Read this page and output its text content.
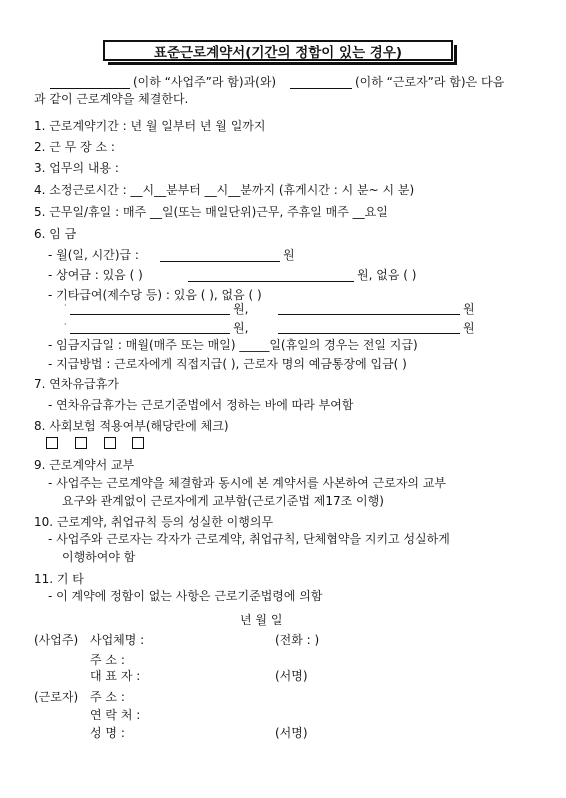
표준근로계약서(기간의 정함이 있는 경우)
(이하 “사업주”라 함)과(와)	(이하 “근로자”라 함)은 다음
과 같이 근로계약을 체결한다.
1. 근로계약기간 : 년 월 일부터 년 월 일까지
2. 근 무 장 소 :
3. 업무의 내용 :
4. 소정근로시간 : __시__분부터 __시__분까지 (휴게시간 : 시 분~ 시 분)
5. 근무일/휴일 : 매주 __일(또는 매일단위)근무, 주휴일 매주 __요일
6. 임 금
- 월(일, 시간)급 :	원
- 상여금 : 있음 ( )	원, 없음 ( )
- 기타급여(제수당 등) : 있음 ( ), 없음 ( )
·	원,	원
·	원,	원
- 임금지급일 : 매월(매주 또는 매일) _____일(휴일의 경우는 전일 지급)
- 지급방법 : 근로자에게 직접지급( ), 근로자 명의 예금통장에 입금( )
7. 연차유급휴가
- 연차유급휴가는 근로기준법에서 정하는 바에 따라 부여함
8. 사회보험 적용여부(해당란에 체크)

9. 근로계약서 교부
- 사업주는 근로계약을 체결함과 동시에 본 계약서를 사본하여 근로자의 교부
요구와 관계없이 근로자에게 교부함(근로기준법 제17조 이행)
10. 근로계약, 취업규칙 등의 성실한 이행의무
- 사업주와 근로자는 각자가 근로계약, 취업규칙, 단체협약을 지키고 성실하게
이행하여야 함
11. 기 타
- 이 계약에 정함이 없는 사항은 근로기준법령에 의함
년 월 일
(사업주) 사업체명 :	(전화 : )
주 소 :
대 표 자 :	(서명)
(근로자) 주 소 :
연 락 처 :
성 명 :	(서명)
